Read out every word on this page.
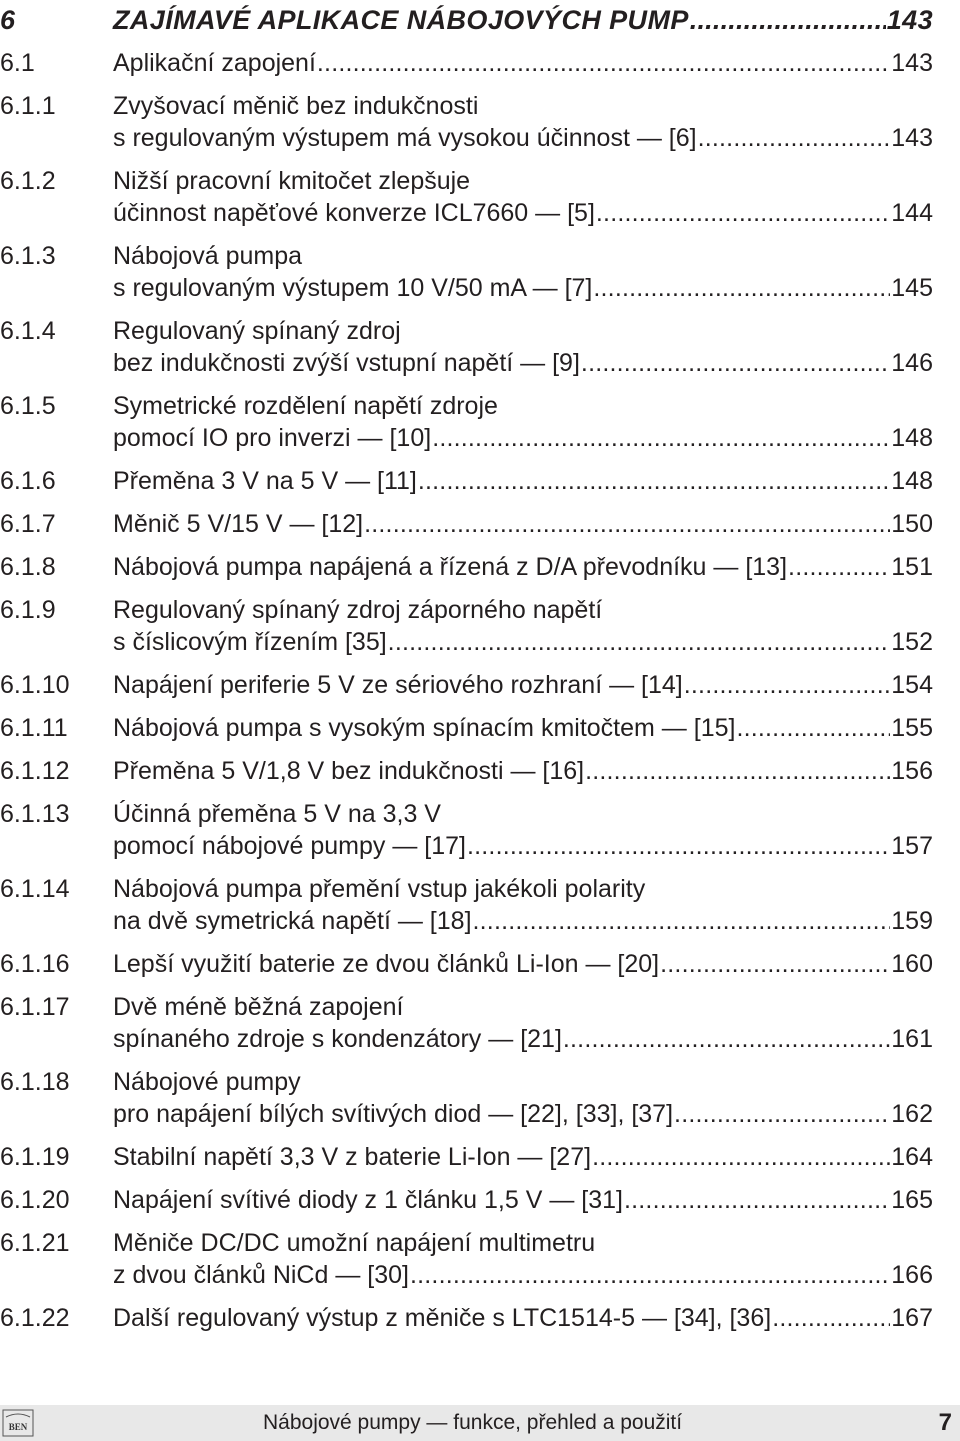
6	ZAJÍMAVÉ APLIKACE NÁBOJOVÝCH PUMP .....	143
6.1	Aplikační zapojení .....	143
6.1.1 Zvyšovací měnič bez indukčnosti
s regulovaným výstupem má vysokou účinnost — [6] .....	143
6.1.2 Nižší pracovní kmitočet zlepšuje
účinnost napěťové konverze ICL7660 — [5] .....	144
6.1.3 Nábojová pumpa
s regulovaným výstupem 10 V/50 mA — [7] .....	145
6.1.4 Regulovaný spínaný zdroj
bez indukčnosti zvýší vstupní napětí — [9] .....	146
6.1.5 Symetrické rozdělení napětí zdroje
pomocí IO pro inverzi — [10] .....	148
6.1.6 Přeměna 3 V na 5 V — [11] .....	148
6.1.7 Měnič 5 V/15 V — [12] .....	150
6.1.8 Nábojová pumpa napájená a řízená z D/A převodníku — [13] .....	151
6.1.9 Regulovaný spínaný zdroj záporného napětí
s číslicovým řízením [35] .....	152
6.1.10 Napájení periferie 5 V ze sériového rozhraní — [14] .....	154
6.1.11 Nábojová pumpa s vysokým spínacím kmitočtem — [15] .....	155
6.1.12 Přeměna 5 V/1,8 V bez indukčnosti — [16] .....	156
6.1.13 Účinná přeměna 5 V na 3,3 V
pomocí nábojové pumpy — [17] .....	157
6.1.14 Nábojová pumpa přemění vstup jakékoli polarity
na dvě symetrická napětí — [18] .....	159
6.1.16 Lepší využití baterie ze dvou článků Li-Ion — [20] .....	160
6.1.17 Dvě méně běžná zapojení
spínaného zdroje s kondenzátory — [21] .....	161
6.1.18 Nábojové pumpy
pro napájení bílých svítivých diod — [22], [33], [37] .....	162
6.1.19 Stabilní napětí 3,3 V z baterie Li-Ion — [27] .....	164
6.1.20 Napájení svítivé diody z 1 článku 1,5 V — [31] .....	165
6.1.21 Měniče DC/DC umožní napájení multimetru
z dvou článků NiCd — [30] .....	166
6.1.22 Další regulovaný výstup z měniče s LTC1514-5 — [34], [36] .....	167
BEN	Nábojové pumpy — funkce, přehled a použití	7
